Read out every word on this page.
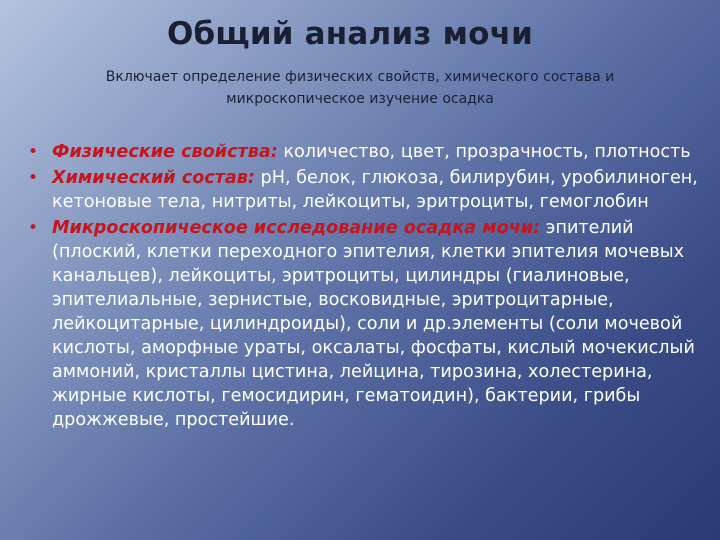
Общий анализ мочи
Включает определение физических свойств, химического состава и микроскопическое изучение осадка
• Физические свойства: количество, цвет, прозрачность, плотность
• Химический состав: рН, белок, глюкоза, билирубин, уробилиноген, кетоновые тела, нитриты, лейкоциты, эритроциты, гемоглобин
• Микроскопическое исследование осадка мочи: эпителий (плоский, клетки переходного эпителия, клетки эпителия мочевых канальцев), лейкоциты, эритроциты, цилиндры (гиалиновые, эпителиальные, зернистые, восковидные, эритроцитарные, лейкоцитарные, цилиндроиды), соли и др.элементы (соли мочевой кислоты, аморфные ураты, оксалаты, фосфаты, кислый мочекислый аммоний, кристаллы цистина, лейцина, тирозина, холестерина, жирные кислоты, гемосидирин, гематоидин), бактерии, грибы дрожжевые, простейшие.
